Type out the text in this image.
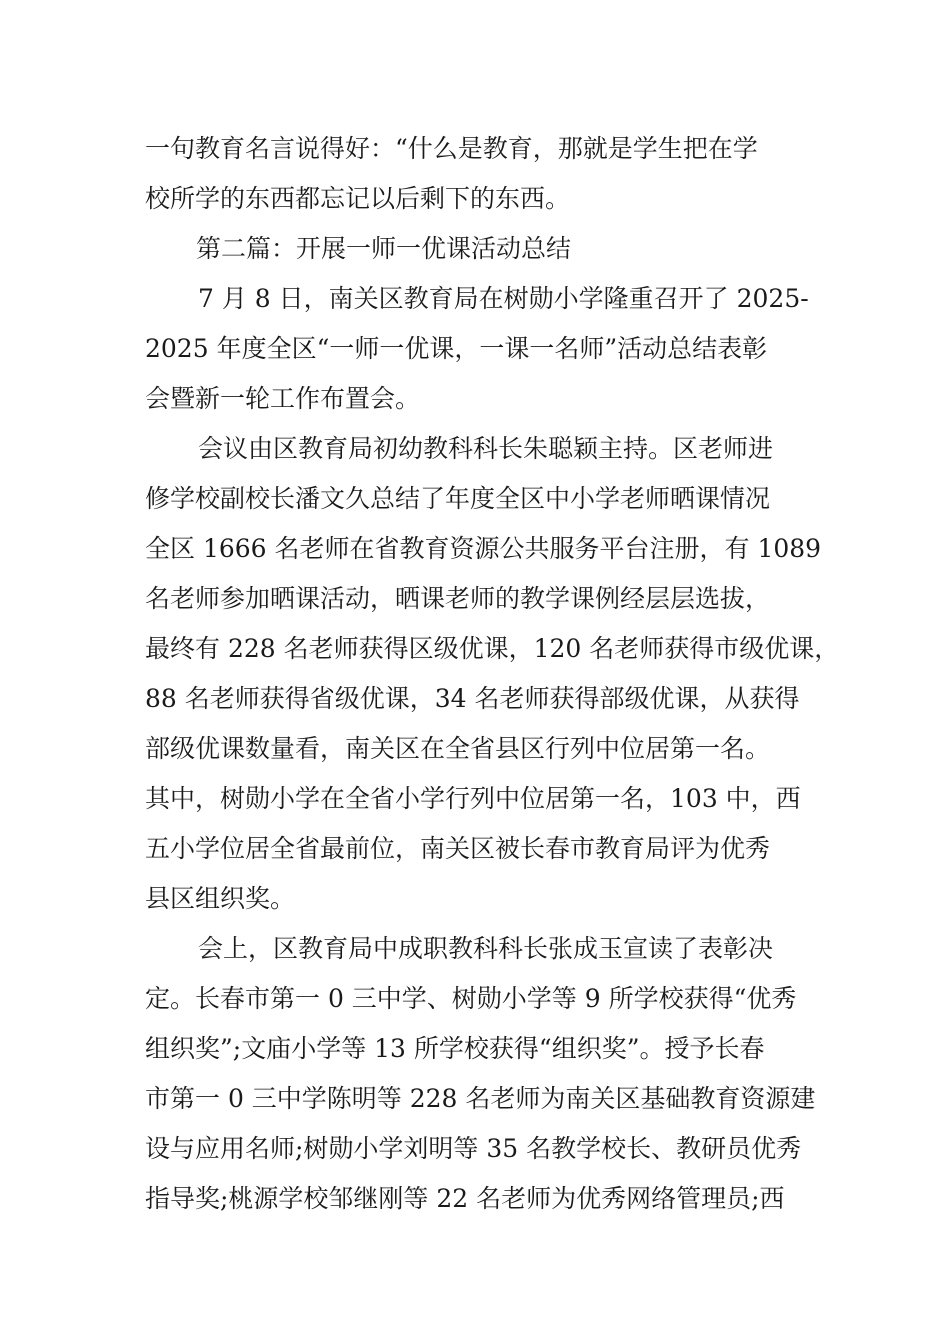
一句教育名言说得好：“什么是教育，那就是学生把在学
校所学的东西都忘记以后剩下的东西。
第二篇：开展一师一优课活动总结
7 月 8 日，南关区教育局在树勋小学隆重召开了 2025-
2025 年度全区“一师一优课，一课一名师”活动总结表彰
会暨新一轮工作布置会。
会议由区教育局初幼教科科长朱聪颖主持。区老师进
修学校副校长潘文久总结了年度全区中小学老师晒课情况
全区 1666 名老师在省教育资源公共服务平台注册，有 1089
名老师参加晒课活动，晒课老师的教学课例经层层选拔，
最终有 228 名老师获得区级优课，120 名老师获得市级优课，
88 名老师获得省级优课，34 名老师获得部级优课，从获得
部级优课数量看，南关区在全省县区行列中位居第一名。
其中，树勋小学在全省小学行列中位居第一名，103 中，西
五小学位居全省最前位，南关区被长春市教育局评为优秀
县区组织奖。
会上，区教育局中成职教科科长张成玉宣读了表彰决
定。长春市第一 0 三中学、树勋小学等 9 所学校获得“优秀
组织奖”;文庙小学等 13 所学校获得“组织奖”。授予长春
市第一 0 三中学陈明等 228 名老师为南关区基础教育资源建
设与应用名师;树勋小学刘明等 35 名教学校长、教研员优秀
指导奖;桃源学校邹继刚等 22 名老师为优秀网络管理员;西
